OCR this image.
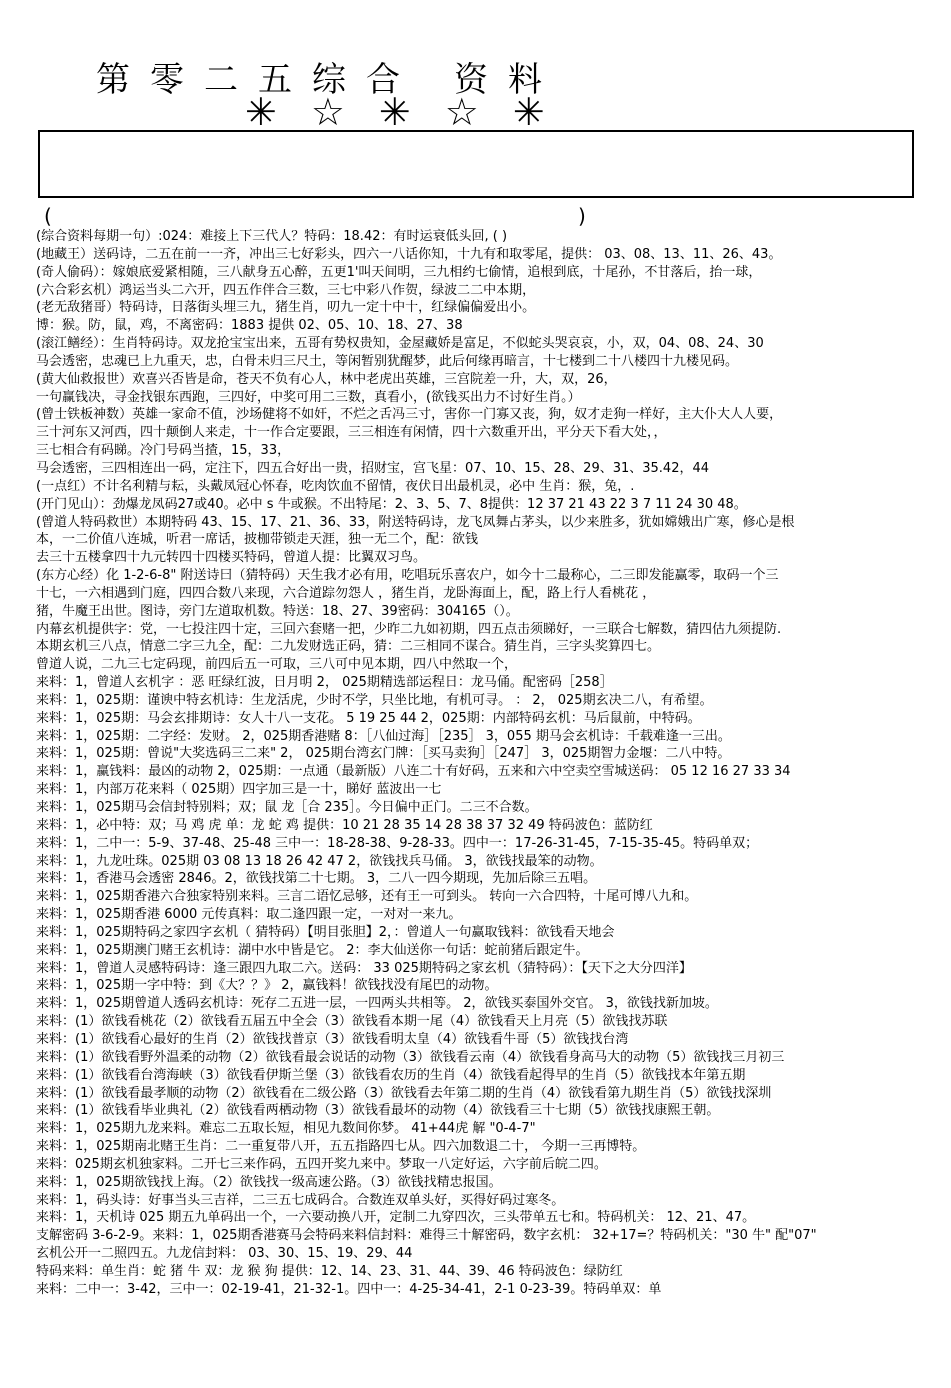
第零二五综合 资料
✳☆✳☆✳
(	)
(综合资料每期一句）:024：难接上下三代人？特码：18.42：有时运衰低头回, ( )
(地藏王）送码诗，二五在前一一齐，冲出三七好彩头，四六一八话你知，十九有和取零尾，提供： 03、08、13、11、26、43。
(奇人偷码）：嫁娘底爱紧相随，三八献身五心醉，五更1'叫天间明，三九相约七偷情，追根到底，十尾孙，不甘落后，抬一球，
(六合彩玄机）鸿运当头二六开，四五作伴合三数，三七中彩八作贺，绿波二二中本期，
(老无敌猪哥）特码诗，日落街头埋三九，猪生肖，叨九一定十中十，红绿偏偏爱出小。
博：猴。防，鼠，鸡，不离密码：1883 提供 02、05、10、18、27、38
(滚江鳝经）：生肖特码诗。双龙抢宝宝出来，五哥有势权贵知，金屋藏娇是富足，不似蛇头哭哀哀，小，双，04、08、24、30
马会透密，忠魂已上九重天，忠，白骨未归三尺土，等闲暂别犹醒梦，此后何缘再暗言，十七楼到二十八楼四十九楼见码。
(黄大仙救报世）欢喜兴否皆是命，苍天不负有心人，林中老虎出英雄，三宫院差一升，大，双，26，
一句赢钱决，寻金找银东西跑，三四好，中奖可用二三数，真看小，(欲钱买出力不讨好生肖。）
(曾士铁板神数）英雄一家命不值，沙场健将不如奸，不烂之舌冯三寸，害你一门寡又丧，狗，奴才走狗一样好，主大仆大人人要，
三十河东又河西，四十颠倒人来走，十一作合定要跟，三三相连有闲情，四十六数重开出，平分天下看大处，，
三七相合有码睇。冷门号码当揸，15，33，
马会透密，三四相连出一码，定注下，四五合好出一贵，招财宝，宫飞星：07、10、15、28、29、31、35.42，44
(一点红）不计名利精与耘，头戴凤冠心怀春，吃肉饮血不留情，夜伏日出最机灵，必中 生肖：猴，兔，.
(开门见山）：劲爆龙凤码27或40。必中 s 牛或猴。不出特尾：2、3、5、7、8提供：12 37 21 43 22 3 7 11 24 30 48。
(曾道人特码救世）本期特码 43、15、17、21、36、33，附送特码诗，龙飞凤舞占茅头，以少来胜多，犹如嫦娥出广寒，修心是根
本，一二价值八连城，听君一席话，披枷带锁走天涯，独一无二个，配：欲钱
去三十五楼拿四十九元转四十四楼买特码，曾道人提：比翼双习鸟。
(东方心经）化 1-2-6-8" 附送诗曰（猜特码）天生我才必有用，吃唱玩乐喜农户，如今十二最称心，二三即发能赢零，取码一个三
十七，一六相遇到门庭，四四合数八来现，六合道踪勿怨人 ，猪生肖，龙卧海面上，配，路上行人看桃花 ，
猪，牛魔王出世。图诗，旁门左道取机数。特送：18、27、39密码：304165（）。
内幕玄机提供字：党，一七投注四十定，三回六套赌一把，少昨二九如初期，四五点击须睇好，一三联合七解数，猜四估九须提防.
本期玄机三八点，情意二字三九全，配：二九发财选正码，猜：二三相同不谋合。猜生肖，三字头奖算四七。
曾道人说，二九三七定码现，前四后五一可取，三八可中见本期，四八中然取一个，
来料：1，曾道人玄机字 ：恶 旺绿红波，日月明 2， 025期精选部运程日：龙马俑。配密码［258］
来料：1，025期：谨谀中特玄机诗：生龙活虎，少时不学，只坐比地，有机可寻。 ： 2， 025期玄决二八，有希望。
来料：1，025期：马会玄排期诗：女人十八一支花。 5 19 25 44 2，025期：内部特码玄机：马后鼠前，中特码。
来料：1，025期：二字经：发财。 2，025期香港赌 8：［八仙过海］［235］ 3，055 期马会玄机诗：千载难逢一三出。
来料：1，025期：曾说"大奖选码三二来" 2， 025期台湾玄门牌：［买马卖狗］［247］ 3，025期智力金堰：二八中特。
来料：1，赢钱料：最凶的动物 2，025期：一点通（最新版）八连二十有好码，五来和六中空卖空雪城送码： 05 12 16 27 33 34
来料：1，内部万花来料（ 025期）四字加三是一十，睇好 蓝波出一七
来料：1，025期马会信封特别料；双；鼠 龙［合 235］。今日偏中正门。二三不合数。
来料：1，必中特：双；马 鸡 虎 单：龙 蛇 鸡 提供：10 21 28 35 14 28 38 37 32 49 特码波色：蓝防红
来料：1，二中一：5-9、37-48、25-48 三中一：18-28-38、9-28-33。四中一：17-26-31-45，7-15-35-45。特码单双；
来料：1，九龙吐珠。025期 03 08 13 18 26 42 47 2，欲钱找兵马俑。 3，欲钱找最笨的动物。
来料：1，香港马会透密 2846。2，欲钱找第二十七期。 3，二八一四今期现，先加后除三五唱。
来料：1，025期香港六合独家特别来料。三言二语忆忌够，还有王一可到头。 转向一六合四特，十尾可博八九和。
来料：1，025期香港 6000 元传真料：取二逢四跟一定，一对对一来九。
来料：1，025期特码之家四字玄机（ 猜特码）【明目张胆】2，：曾道人一句赢取钱料：欲钱看天地会
来料：1，025期澳门赌王玄机诗：湖中水中皆是它。 2：李大仙送你一句话：蛇前猪后跟定牛。
来料：1，曾道人灵感特码诗：逢三跟四九取二六。送码： 33 025期特码之家玄机（猜特码）：【天下之大分四洋】
来料：1，025期一字中特：到《大？？》 2，赢钱料！欲钱找没有尾巴的动物。
来料：1，025期曾道人透码玄机诗：死存二五进一层，一四两头共相等。 2，欲钱买泰国外交官。 3，欲钱找新加坡。
来料：(1）欲钱看桃花（2）欲钱看五届五中全会（3）欲钱看本期一尾（4）欲钱看天上月亮（5）欲钱找苏联
来料：(1）欲钱看心最好的生肖（2）欲钱找普京（3）欲钱看明太皇（4）欲钱看牛哥（5）欲钱找台湾
来料：(1）欲钱看野外温柔的动物（2）欲钱看最会说话的动物（3）欲钱看云南（4）欲钱看身高马大的动物（5）欲钱找三月初三
来料：(1）欲钱看台湾海峡（3）欲钱看伊斯兰堡（3）欲钱看农历的生肖（4）欲钱看起得早的生肖（5）欲钱找本年第五期
来料：(1）欲钱看最孝顺的动物（2）欲钱看在二级公路（3）欲钱看去年第二期的生肖（4）欲钱看第九期生肖（5）欲钱找深圳
来料：(1）欲钱看毕业典礼（2）欲钱看两栖动物（3）欲钱看最坏的动物（4）欲钱看三十七期（5）欲钱找康熙王朝。
来料：1，025期九龙来料。难忘二五取长短，相见九数间你梦。 41+44虎 解 "0-4-7"
来料：1，025期南北赌王生肖：二一重复带八开，五五指路四七从。四六加数退二十， 今期一三再博特。
来料：025期玄机独家料。二开七三来作码，五四开奖九来中。梦取一八定好运，六字前后皖二四。
来料：1，025期欲钱找上海。（2）欲钱找一级高速公路。（3）欲钱找精忠报国。
来料：1，码头诗：好事当头三吉祥，二三五七成码合。合数连双单头好，买得好码过寒冬。
来料：1，天机诗 025 期五九单码出一个，一六要动换八开，定制二九穿四次，三头带单五七和。特码机关： 12、21、47。
支解密码 3-6-2-9。来料：1，025期香港赛马会特码来料信封料：难得三十解密码，数字玄机： 32+17=？特码机关："30 牛" 配"07"
玄机公开一二照四五。九龙信封料： 03、30、15、19、29、44
特码来料：单生肖：蛇 猪 牛 双：龙 猴 狗 提供：12、14、23、31、44、39、46 特码波色：绿防红
来料：二中一：3-42，三中一：02-19-41，21-32-1。四中一：4-25-34-41，2-1 0-23-39。特码单双：单
